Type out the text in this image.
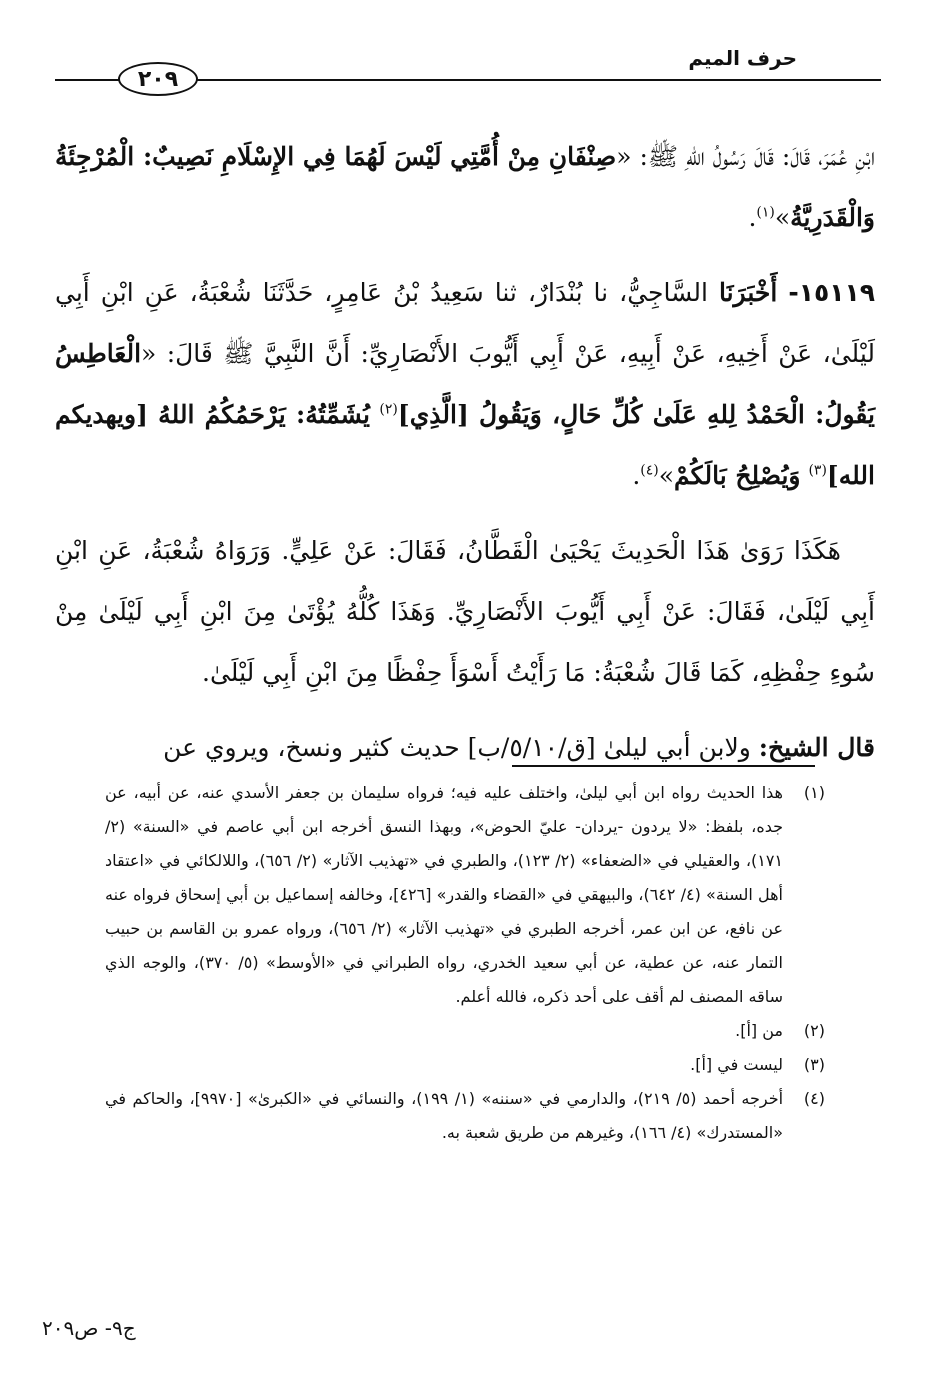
حرف الميم
٢٠٩

ابْنِ عُمَرَ، قَالَ: قَالَ رَسُولُ اللهِ ﷺ: «صِنْفَانِ مِنْ أُمَّتِي لَيْسَ لَهُمَا فِي الإِسْلَامِ نَصِيبٌ: الْمُرْجِئَةُ وَالْقَدَرِيَّةُ»$^{(١)}$.

١٥١١٩- أَخْبَرَنَا السَّاجِيُّ، نا بُنْدَارٌ، ثنا سَعِيدُ بْنُ عَامِرٍ، حَدَّثَنَا شُعْبَةُ، عَنِ ابْنِ أَبِي لَيْلَىٰ، عَنْ أَخِيهِ، عَنْ أَبِيهِ، عَنْ أَبِي أَيُّوبَ الأَنْصَارِيِّ: أَنَّ النَّبِيَّ ﷺ قَالَ: «الْعَاطِسُ يَقُولُ: الْحَمْدُ لِلهِ عَلَىٰ كُلِّ حَالٍ، وَيَقُولُ [الَّذِي]$^{(٢)}$ يُشَمِّتُهُ: يَرْحَمُكُمُ اللهُ [ويهديكم الله]$^{(٣)}$ وَيُصْلِحُ بَالَكُمْ»$^{(٤)}$.

هَكَذَا رَوَىٰ هَذَا الْحَدِيثَ يَحْيَىٰ الْقَطَّانُ، فَقَالَ: عَنْ عَلِيٍّ. وَرَوَاهُ شُعْبَةُ، عَنِ ابْنِ أَبِي لَيْلَىٰ، فَقَالَ: عَنْ أَبِي أَيُّوبَ الأَنْصَارِيِّ. وَهَذَا كُلُّهُ يُؤْتَىٰ مِنَ ابْنِ أَبِي لَيْلَىٰ مِنْ سُوءِ حِفْظِهِ، كَمَا قَالَ شُعْبَةُ: مَا رَأَيْتُ أَسْوَأَ حِفْظًا مِنَ ابْنِ أَبِي لَيْلَىٰ.

قال الشيخ: ولابن أبي ليلىٰ [ق/٥/١٠/ب] حديث كثير ونسخ، ويروي عن

(١)
هذا الحديث رواه ابن أبي ليلىٰ، واختلف عليه فيه؛ فرواه سليمان بن جعفر الأسدي عنه، عن أبيه، عن جده، بلفظ: «لا يردون -يردان- عليّ الحوض»، وبهذا النسق أخرجه ابن أبي عاصم في «السنة» (٢/ ١٧١)، والعقيلي في «الضعفاء» (٢/ ١٢٣)، والطبري في «تهذيب الآثار» (٢/ ٦٥٦)، واللالكائي في «اعتقاد أهل السنة» (٤/ ٦٤٢)، والبيهقي في «القضاء والقدر» [٤٢٦]، وخالفه إسماعيل بن أبي إسحاق فرواه عنه عن نافع، عن ابن عمر، أخرجه الطبري في «تهذيب الآثار» (٢/ ٦٥٦)، ورواه عمرو بن القاسم بن حبيب التمار عنه، عن عطية، عن أبي سعيد الخدري، رواه الطبراني في «الأوسط» (٥/ ٣٧٠)، والوجه الذي ساقه المصنف لم أقف على أحد ذكره، فالله أعلم.

(٢)
من [أ].

(٣)
ليست في [أ].

(٤)
أخرجه أحمد (٥/ ٢١٩)، والدارمي في «سننه» (١/ ١٩٩)، والنسائي في «الكبرىٰ» [٩٩٧٠]، والحاكم في «المستدرك» (٤/ ١٦٦)، وغيرهم من طريق شعبة به.

ج٩- ص٢٠٩
